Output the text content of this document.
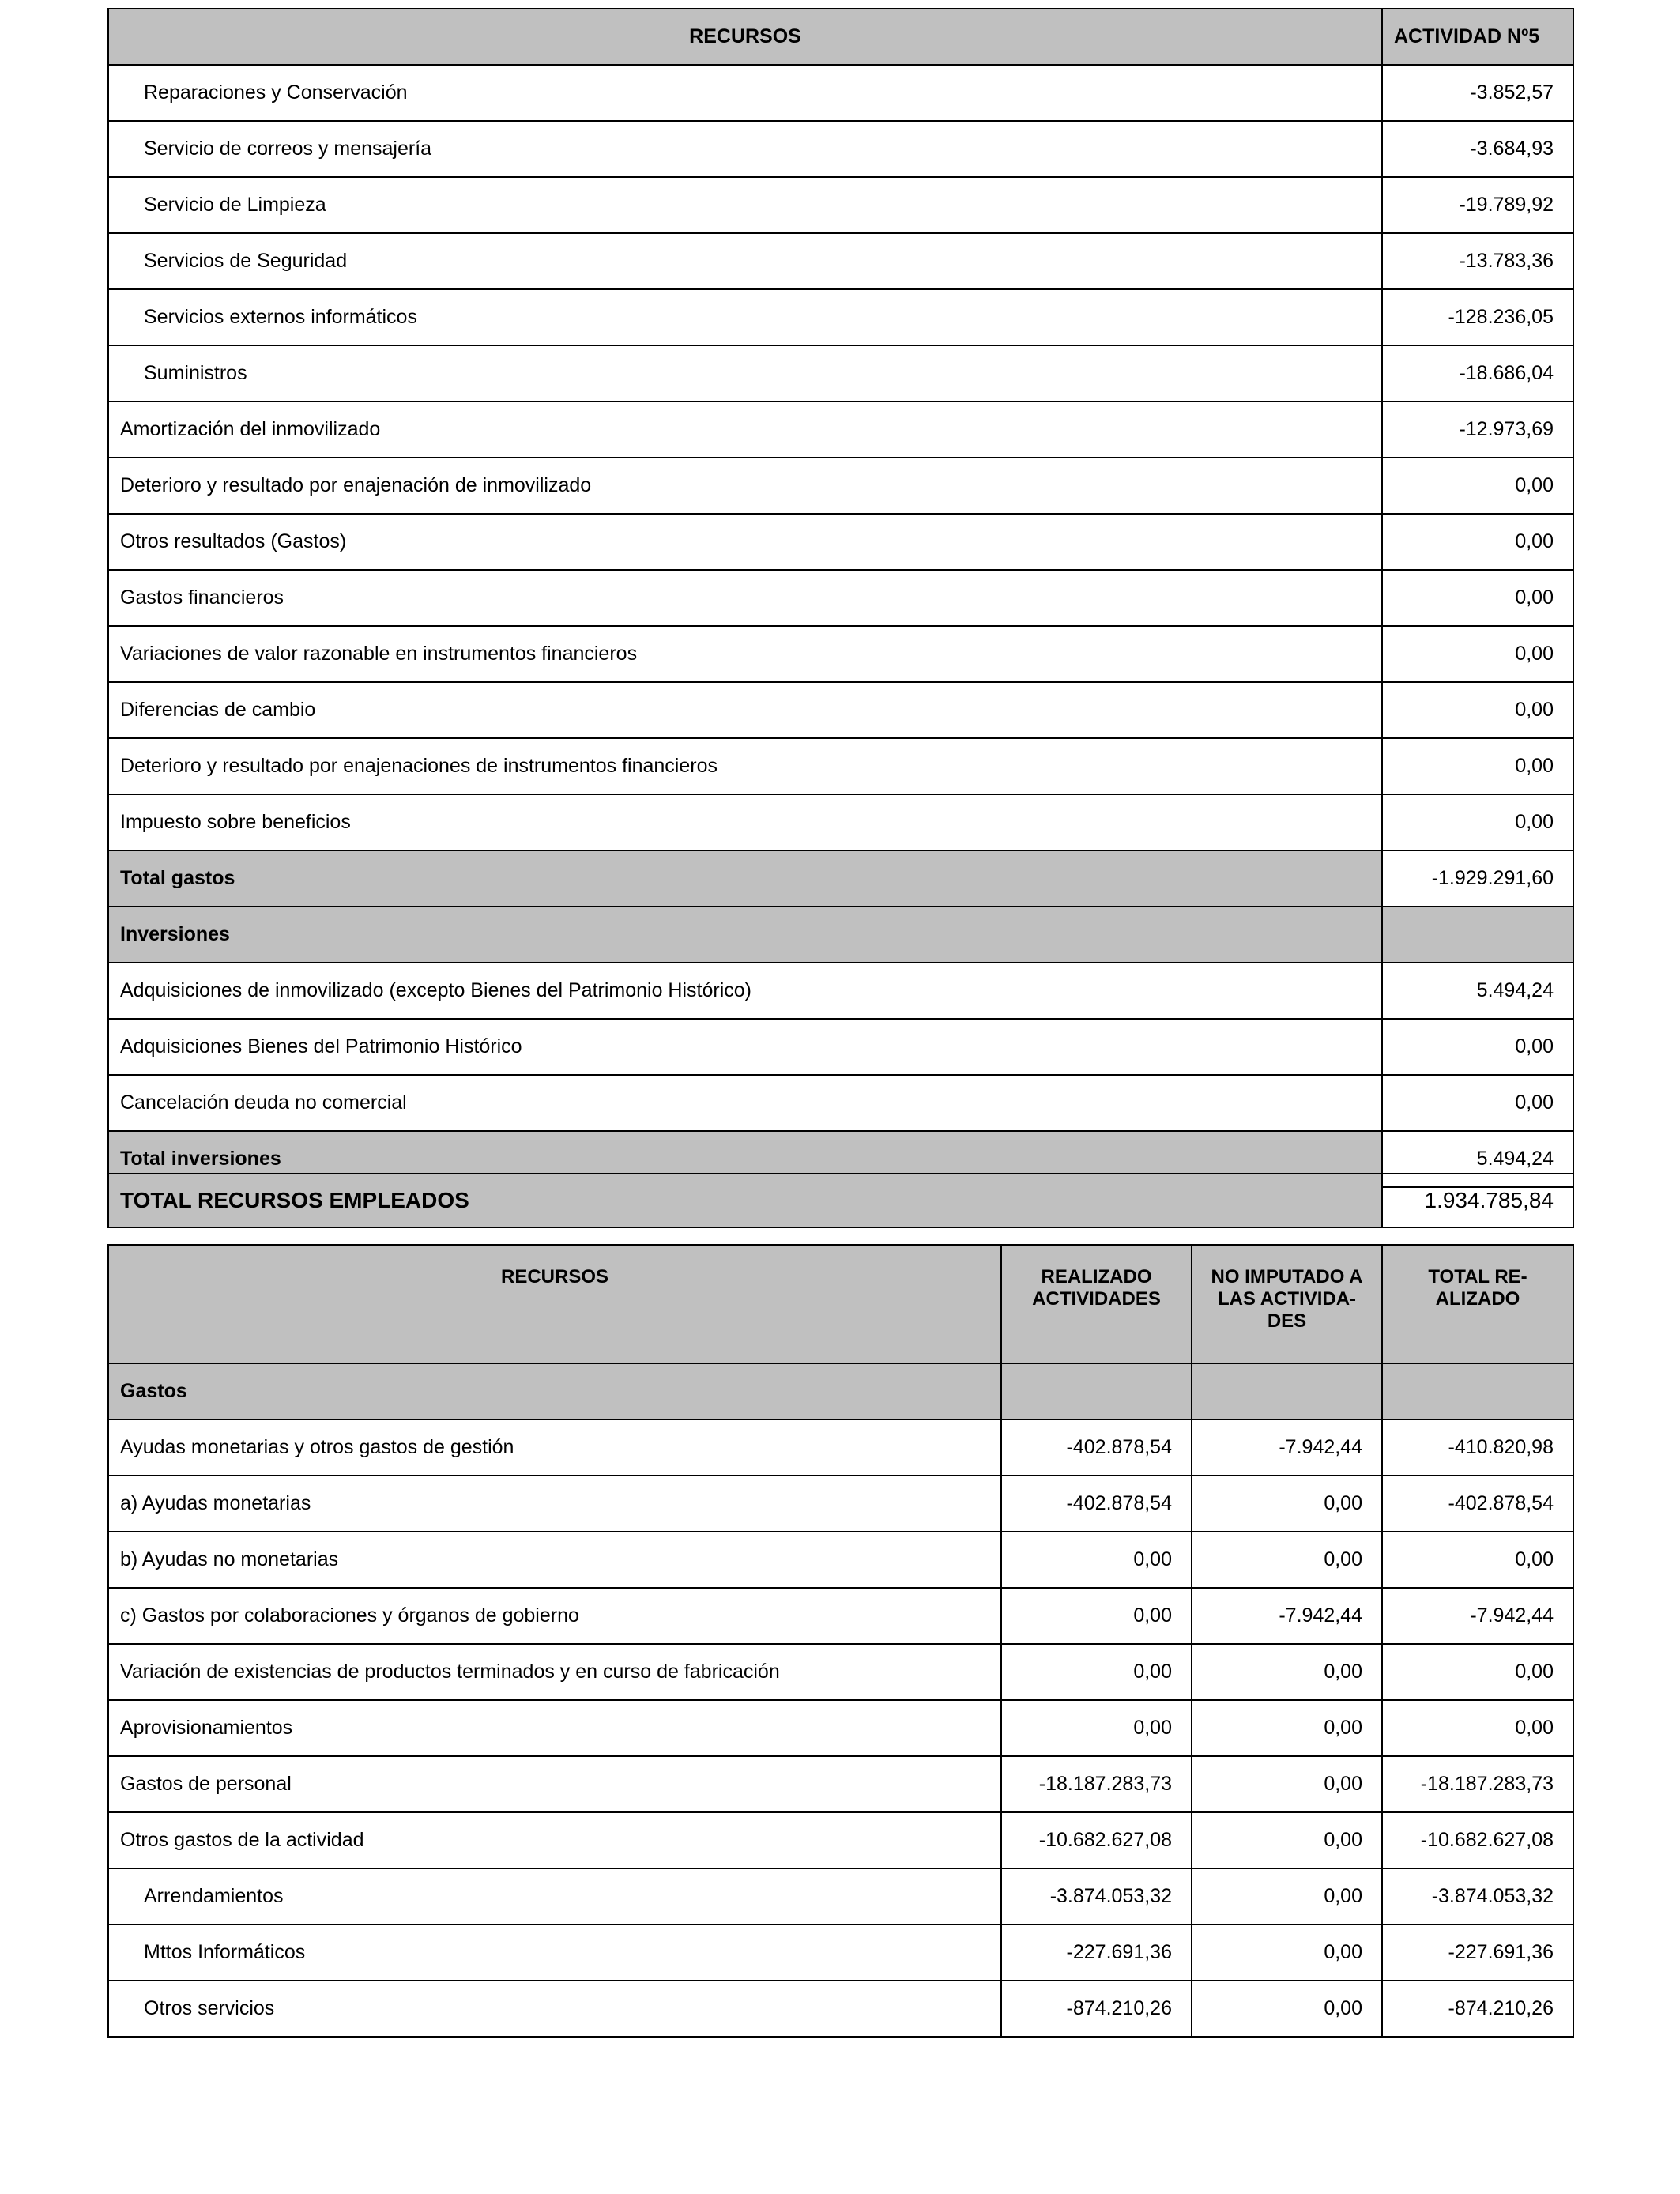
RECURSOS	ACTIVIDAD Nº5
Reparaciones y Conservación	-3.852,57
Servicio de correos y mensajería	-3.684,93
Servicio de Limpieza	-19.789,92
Servicios de Seguridad	-13.783,36
Servicios externos informáticos	-128.236,05
Suministros	-18.686,04
Amortización del inmovilizado	-12.973,69
Deterioro y resultado por enajenación de inmovilizado	0,00
Otros resultados (Gastos)	0,00
Gastos financieros	0,00
Variaciones de valor razonable en instrumentos financieros	0,00
Diferencias de cambio	0,00
Deterioro y resultado por enajenaciones de instrumentos financieros	0,00
Impuesto sobre beneficios	0,00
Total gastos	-1.929.291,60
Inversiones	
Adquisiciones de inmovilizado (excepto Bienes del Patrimonio Histórico)	5.494,24
Adquisiciones Bienes del Patrimonio Histórico	0,00
Cancelación deuda no comercial	0,00
Total inversiones	5.494,24
TOTAL RECURSOS EMPLEADOS	1.934.785,84
RECURSOS	REALIZADO ACTIVIDADES	NO IMPUTADO A LAS ACTIVIDA-DES	TOTAL RE-ALIZADO
Gastos			
Ayudas monetarias y otros gastos de gestión	-402.878,54	-7.942,44	-410.820,98
a) Ayudas monetarias	-402.878,54	0,00	-402.878,54
b) Ayudas no monetarias	0,00	0,00	0,00
c) Gastos por colaboraciones y órganos de gobierno	0,00	-7.942,44	-7.942,44
Variación de existencias de productos terminados y en curso de fabricación	0,00	0,00	0,00
Aprovisionamientos	0,00	0,00	0,00
Gastos de personal	-18.187.283,73	0,00	-18.187.283,73
Otros gastos de la actividad	-10.682.627,08	0,00	-10.682.627,08
Arrendamientos	-3.874.053,32	0,00	-3.874.053,32
Mttos Informáticos	-227.691,36	0,00	-227.691,36
Otros servicios	-874.210,26	0,00	-874.210,26
